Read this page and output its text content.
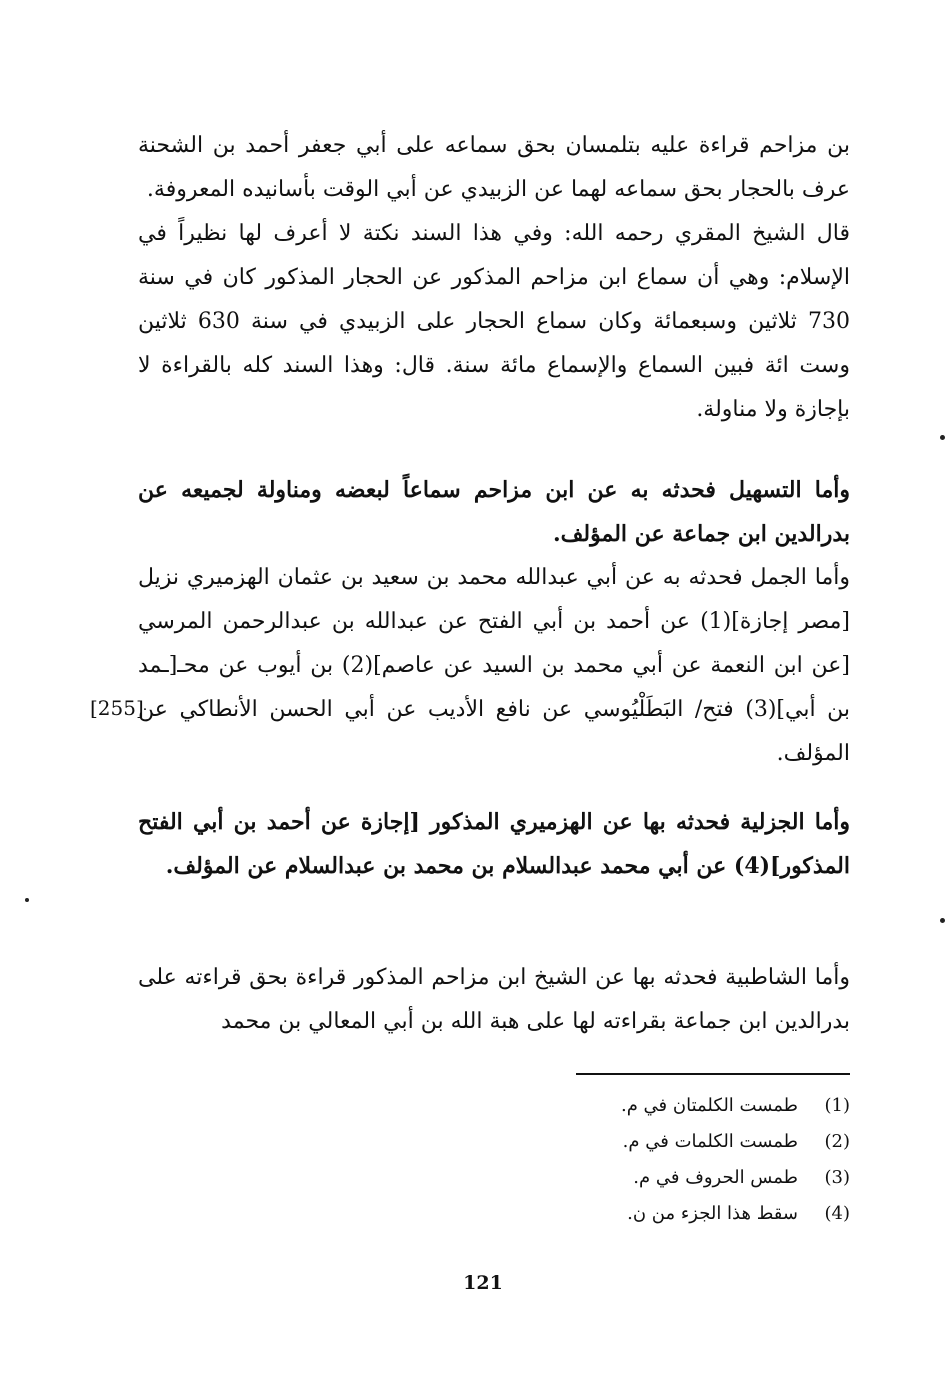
بن مزاحم قراءة عليه بتلمسان بحق سماعه على أبي جعفر أحمد بن الشحنة عرف بالحجار بحق سماعه لهما عن الزبيدي عن أبي الوقت بأسانيده المعروفة.

قال الشيخ المقري رحمه الله: وفي هذا السند نكتة لا أعرف لها نظيراً في الإسلام: وهي أن سماع ابن مزاحم المذكور عن الحجار المذكور كان في سنة 730 ثلاثين وسبعمائة وكان سماع الحجار على الزبيدي في سنة 630 ثلاثين وست ائة فبين السماع والإسماع مائة سنة. قال: وهذا السند كله بالقراءة لا بإجازة ولا مناولة.

وأما التسهيل فحدثه به عن ابن مزاحم سماعاً لبعضه ومناولة لجميعه عن بدرالدين ابن جماعة عن المؤلف.

وأما الجمل فحدثه به عن أبي عبدالله محمد بن سعيد بن عثمان الهزميري نزيل [مصر إجازة](1) عن أحمد بن أبي الفتح عن عبدالله بن عبدالرحمن المرسي [عن ابن النعمة عن أبي محمد بن السيد عن عاصم](2) بن أيوب عن محـ[ـمد بن أبي](3) فتح/ البَطَلْيُوسي عن نافع الأديب عن أبي الحسن الأنطاكي عن المؤلف.

[255]

وأما الجزلية فحدثه بها عن الهزميري المذكور [إجازة عن أحمد بن أبي الفتح المذكور](4) عن أبي محمد عبدالسلام بن محمد بن عبدالسلام عن المؤلف.

وأما الشاطبية فحدثه بها عن الشيخ ابن مزاحم المذكور قراءة بحق قراءته على بدرالدين ابن جماعة بقراءته لها على هبة الله بن أبي المعالي بن محمد

(1)طمست الكلمتان في م.
(2)طمست الكلمات في م.
(3)طمس الحروف في م.
(4)سقط هذا الجزء من ن.
121
